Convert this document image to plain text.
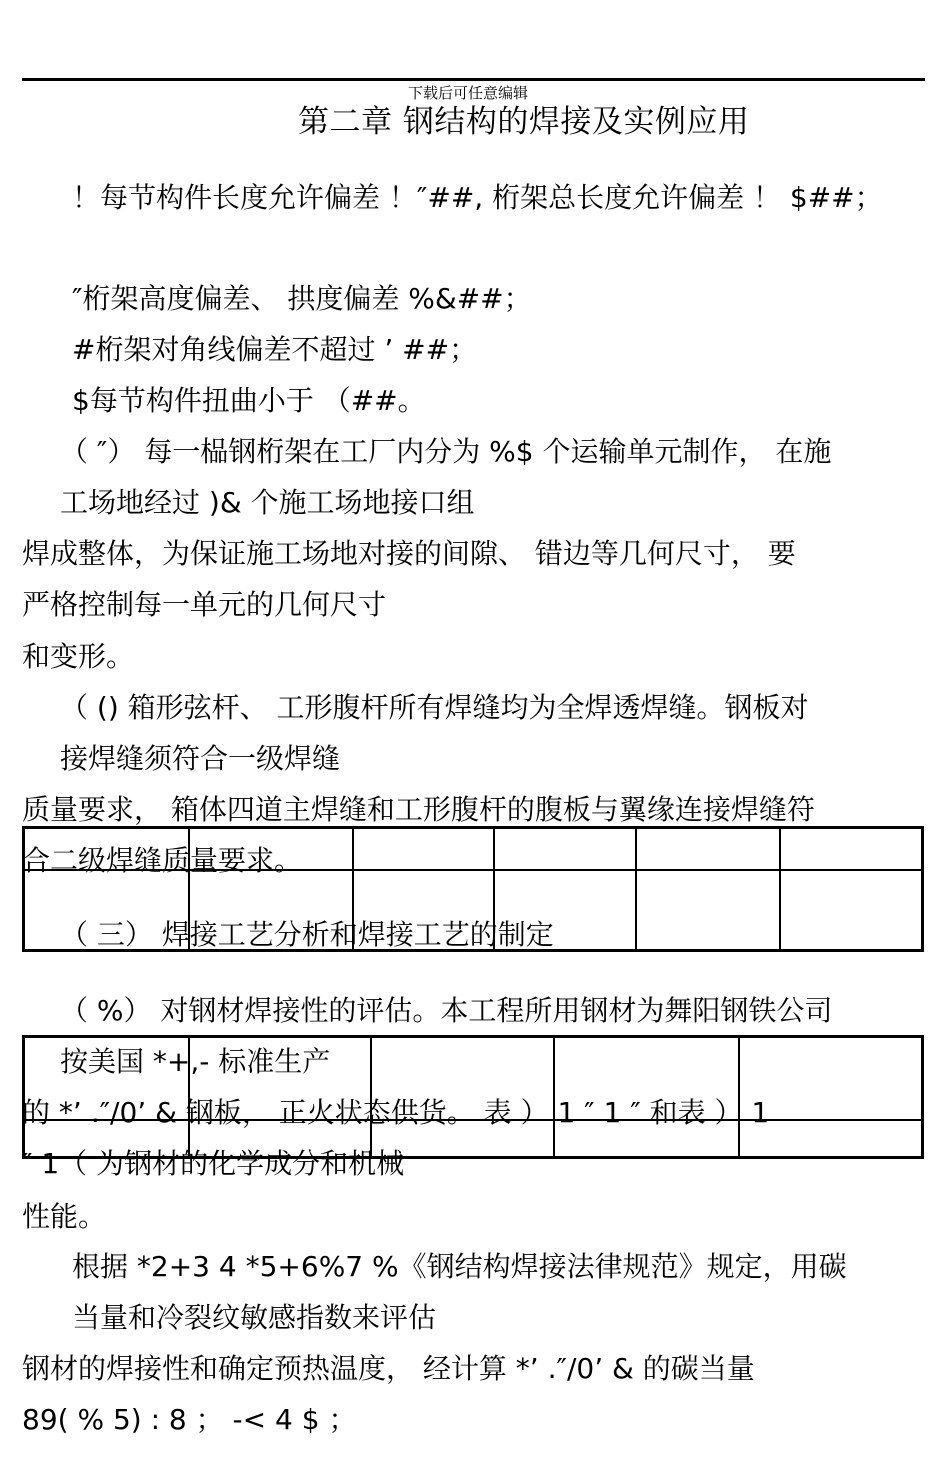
下载后可任意编辑
第二章 钢结构的焊接及实例应用
！每节构件长度允许偏差 ！″##, 桁架总长度允许偏差 ！ $##；
″桁架高度偏差、 拱度偏差 %&##；
#桁架对角线偏差不超过 ’ ##；
$每节构件扭曲小于 （##。
（ ″） 每一榀钢桁架在工厂内分为 %$ 个运输单元制作， 在施
工场地经过 )& 个施工场地接口组
焊成整体，为保证施工场地对接的间隙、 错边等几何尺寸， 要
严格控制每一单元的几何尺寸
和变形。
（ () 箱形弦杆、 工形腹杆所有焊缝均为全焊透焊缝。钢板对
接焊缝须符合一级焊缝
质量要求， 箱体四道主焊缝和工形腹杆的腹板与翼缘连接焊缝符
合二级焊缝质量要求。
（ 三） 焊接工艺分析和焊接工艺的制定
（ %） 对钢材焊接性的评估。本工程所用钢材为舞阳钢铁公司
按美国 *+,- 标准生产
的 *’ .″/0’ & 钢板， 正火状态供货。 表 ） 1 ″ 1 ″ 和表 ） 1
″ 1（ 为钢材的化学成分和机械
性能。
根据 *2+3 4 *5+6%7 %《钢结构焊接法律规范》规定，用碳
当量和冷裂纹敏感指数来评估
钢材的焊接性和确定预热温度， 经计算 *’ .″/0’ & 的碳当量
89( % 5) : 8 ； -< 4 $ ；
